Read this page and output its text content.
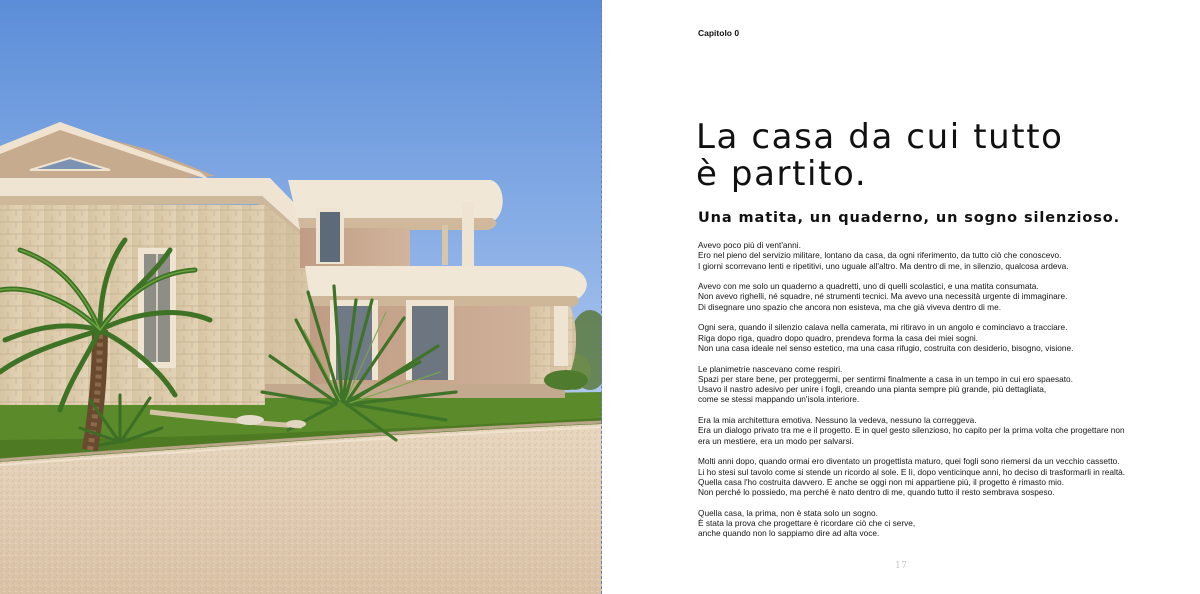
Capitolo 0
La casa da cui tutto
è partito.
Una matita, un quaderno, un sogno silenzioso.
Avevo poco più di vent'anni.
Ero nel pieno del servizio militare, lontano da casa, da ogni riferimento, da tutto ciò che conoscevo.
I giorni scorrevano lenti e ripetitivi, uno uguale all'altro. Ma dentro di me, in silenzio, qualcosa ardeva.
Avevo con me solo un quaderno a quadretti, uno di quelli scolastici, e una matita consumata.
Non avevo righelli, né squadre, né strumenti tecnici. Ma avevo una necessità urgente di immaginare.
Di disegnare uno spazio che ancora non esisteva, ma che già viveva dentro di me.
Ogni sera, quando il silenzio calava nella camerata, mi ritiravo in un angolo e cominciavo a tracciare.
Riga dopo riga, quadro dopo quadro, prendeva forma la casa dei miei sogni.
Non una casa ideale nel senso estetico, ma una casa rifugio, costruita con desiderio, bisogno, visione.
Le planimetrie nascevano come respiri.
Spazi per stare bene, per proteggermi, per sentirmi finalmente a casa in un tempo in cui ero spaesato.
Usavo il nastro adesivo per unire i fogli, creando una pianta sempre più grande, più dettagliata,
come se stessi mappando un'isola interiore.
Era la mia architettura emotiva. Nessuno la vedeva, nessuno la correggeva.
Era un dialogo privato tra me e il progetto. E in quel gesto silenzioso, ho capito per la prima volta che progettare non
era un mestiere, era un modo per salvarsi.
Molti anni dopo, quando ormai ero diventato un progettista maturo, quei fogli sono riemersi da un vecchio cassetto.
Li ho stesi sul tavolo come si stende un ricordo al sole. E lì, dopo venticinque anni, ho deciso di trasformarli in realtà.
Quella casa l'ho costruita davvero. E anche se oggi non mi appartiene più, il progetto è rimasto mio.
Non perché lo possiedo, ma perché è nato dentro di me, quando tutto il resto sembrava sospeso.
Quella casa, la prima, non è stata solo un sogno.
È stata la prova che progettare è ricordare ciò che ci serve,
anche quando non lo sappiamo dire ad alta voce.
17
